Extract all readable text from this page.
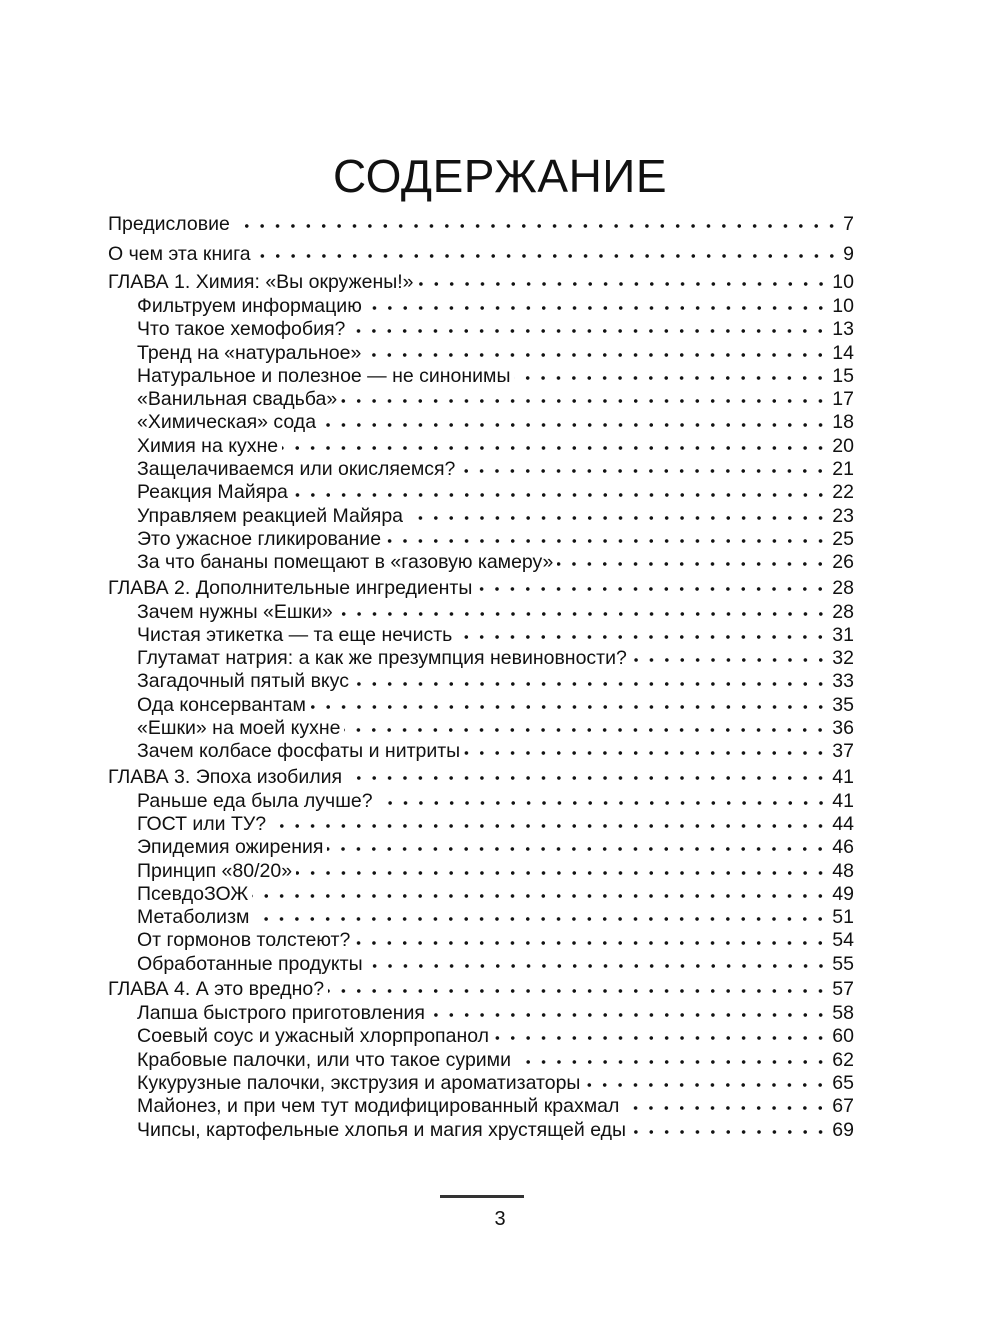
СОДЕРЖАНИЕ
Предисловие	7
О чем эта книга	9
ГЛАВА 1. Химия: «Вы окружены!»	10
Фильтруем информацию	10
Что такое хемофобия?	13
Тренд на «натуральное»	14
Натуральное и полезное — не синонимы	15
«Ванильная свадьба»	17
«Химическая» сода	18
Химия на кухне	20
Защелачиваемся или окисляемся?	21
Реакция Майяра	22
Управляем реакцией Майяра	23
Это ужасное гликирование	25
За что бананы помещают в «газовую камеру»	26
ГЛАВА 2. Дополнительные ингредиенты	28
Зачем нужны «Ешки»	28
Чистая этикетка — та еще нечисть	31
Глутамат натрия: а как же презумпция невиновности?	32
Загадочный пятый вкус	33
Ода консервантам	35
«Ешки» на моей кухне	36
Зачем колбасе фосфаты и нитриты	37
ГЛАВА 3. Эпоха изобилия	41
Раньше еда была лучше?	41
ГОСТ или ТУ?	44
Эпидемия ожирения	46
Принцип «80/20»	48
ПсевдоЗОЖ	49
Метаболизм	51
От гормонов толстеют?	54
Обработанные продукты	55
ГЛАВА 4. А это вредно?	57
Лапша быстрого приготовления	58
Соевый соус и ужасный хлорпропанол	60
Крабовые палочки, или что такое сурими	62
Кукурузные палочки, экструзия и ароматизаторы	65
Майонез, и при чем тут модифицированный крахмал	67
Чипсы, картофельные хлопья и магия хрустящей еды	69
3
